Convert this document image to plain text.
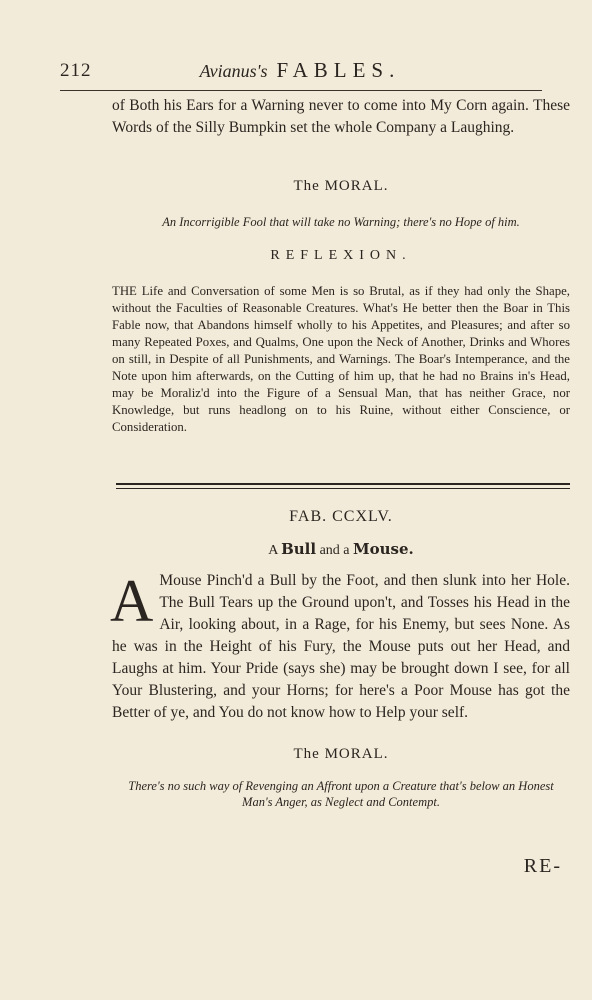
212	Avianus's FABLES.
of Both his Ears for a Warning never to come into My Corn again. These Words of the Silly Bumpkin set the whole Company a Laughing.
The MORAL.
An Incorrigible Fool that will take no Warning; there's no Hope of him.
REFLEXION.
THE Life and Conversation of some Men is so Brutal, as if they had only the Shape, without the Faculties of Reasonable Creatures. What's He better then the Boar in This Fable now, that Abandons himself wholly to his Appetites, and Pleasures; and after so many Repeated Poxes, and Qualms, One upon the Neck of Another, Drinks and Whores on still, in Despite of all Punishments, and Warnings. The Boar's Intemperance, and the Note upon him afterwards, on the Cutting of him up, that he had no Brains in's Head, may be Moraliz'd into the Figure of a Sensual Man, that has neither Grace, nor Knowledge, but runs headlong on to his Ruine, without either Conscience, or Consideration.
FAB. CCXLV.
A Bull and a Mouse.
A Mouse Pinch'd a Bull by the Foot, and then slunk into her Hole. The Bull Tears up the Ground upon't, and Tosses his Head in the Air, looking about, in a Rage, for his Enemy, but sees None. As he was in the Height of his Fury, the Mouse puts out her Head, and Laughs at him. Your Pride (says she) may be brought down I see, for all Your Blustering, and your Horns; for here's a Poor Mouse has got the Better of ye, and You do not know how to Help your self.
The MORAL.
There's no such way of Revenging an Affront upon a Creature that's below an Honest Man's Anger, as Neglect and Contempt.
RE-
